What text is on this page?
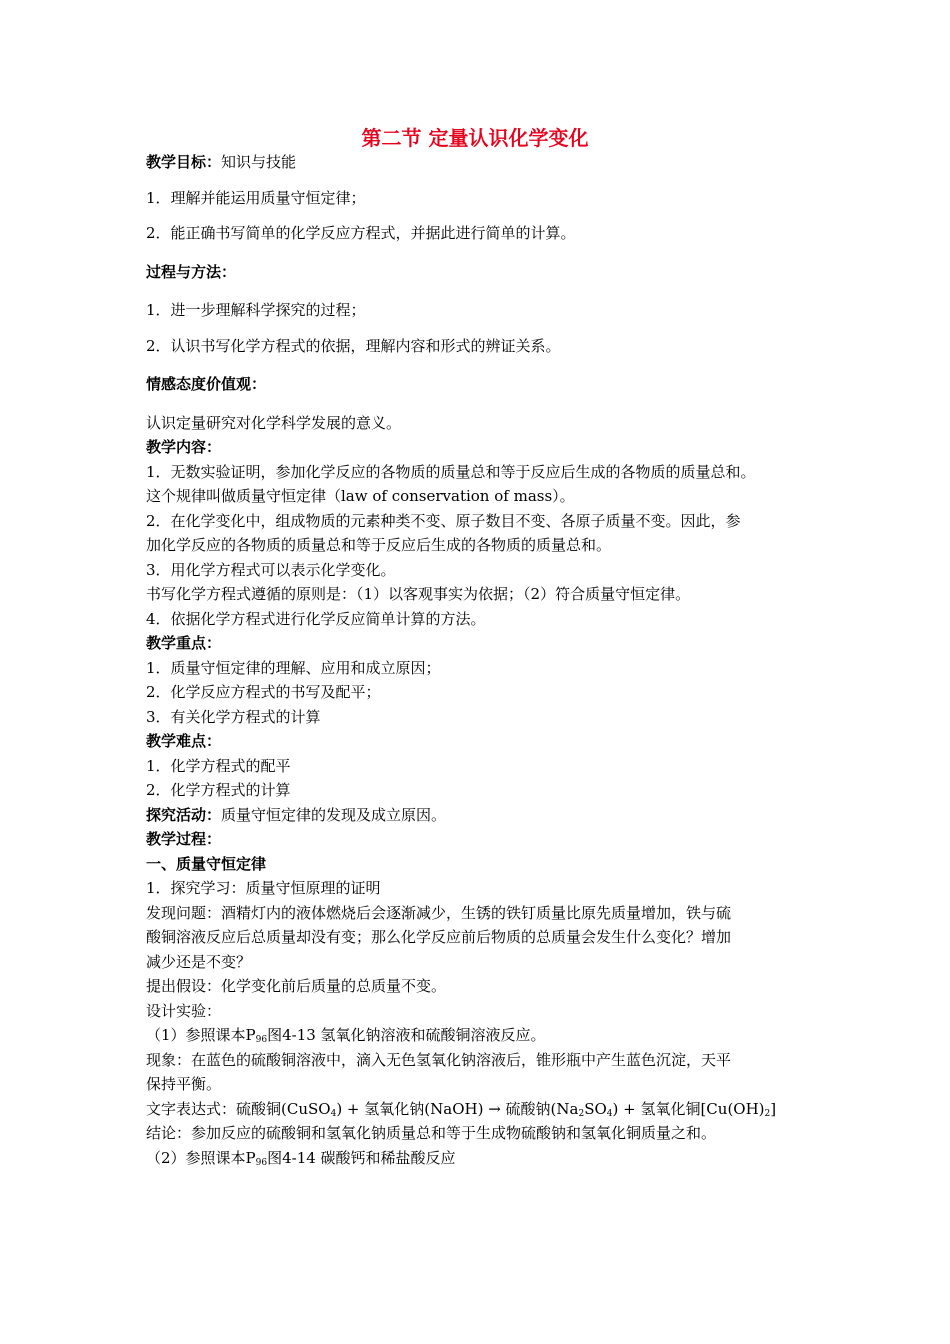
第二节 定量认识化学变化
教学目标：知识与技能
1．理解并能运用质量守恒定律；
2．能正确书写简单的化学反应方程式，并据此进行简单的计算。
过程与方法：
1．进一步理解科学探究的过程；
2．认识书写化学方程式的依据，理解内容和形式的辨证关系。
情感态度价值观：
认识定量研究对化学科学发展的意义。
教学内容：
1．无数实验证明，参加化学反应的各物质的质量总和等于反应后生成的各物质的质量总和。
这个规律叫做质量守恒定律（law of conservation of mass）。
2．在化学变化中，组成物质的元素种类不变、原子数目不变、各原子质量不变。因此，参
加化学反应的各物质的质量总和等于反应后生成的各物质的质量总和。
3．用化学方程式可以表示化学变化。
书写化学方程式遵循的原则是：（1）以客观事实为依据；（2）符合质量守恒定律。
4．依据化学方程式进行化学反应简单计算的方法。
教学重点：
1．质量守恒定律的理解、应用和成立原因；
2．化学反应方程式的书写及配平；
3．有关化学方程式的计算
教学难点：
1．化学方程式的配平
2．化学方程式的计算
探究活动：质量守恒定律的发现及成立原因。
教学过程：
一、质量守恒定律
1．探究学习：质量守恒原理的证明
发现问题：酒精灯内的液体燃烧后会逐渐减少，生锈的铁钉质量比原先质量增加，铁与硫
酸铜溶液反应后总质量却没有变；那么化学反应前后物质的总质量会发生什么变化？增加
减少还是不变？
提出假设：化学变化前后质量的总质量不变。
设计实验：
（1）参照课本$P_{96}$图4-13 氢氧化钠溶液和硫酸铜溶液反应。
现象：在蓝色的硫酸铜溶液中，滴入无色氢氧化钠溶液后，锥形瓶中产生蓝色沉淀，天平
保持平衡。
文字表达式：硫酸铜(CuSO$_4$) + 氢氧化钠(NaOH) → 硫酸钠$(Na_2SO_4)$ + 氢氧化铜$[Cu(OH)_2]$
结论：参加反应的硫酸铜和氢氧化钠质量总和等于生成物硫酸钠和氢氧化铜质量之和。
（2）参照课本$P_{96}$图4-14 碳酸钙和稀盐酸反应
